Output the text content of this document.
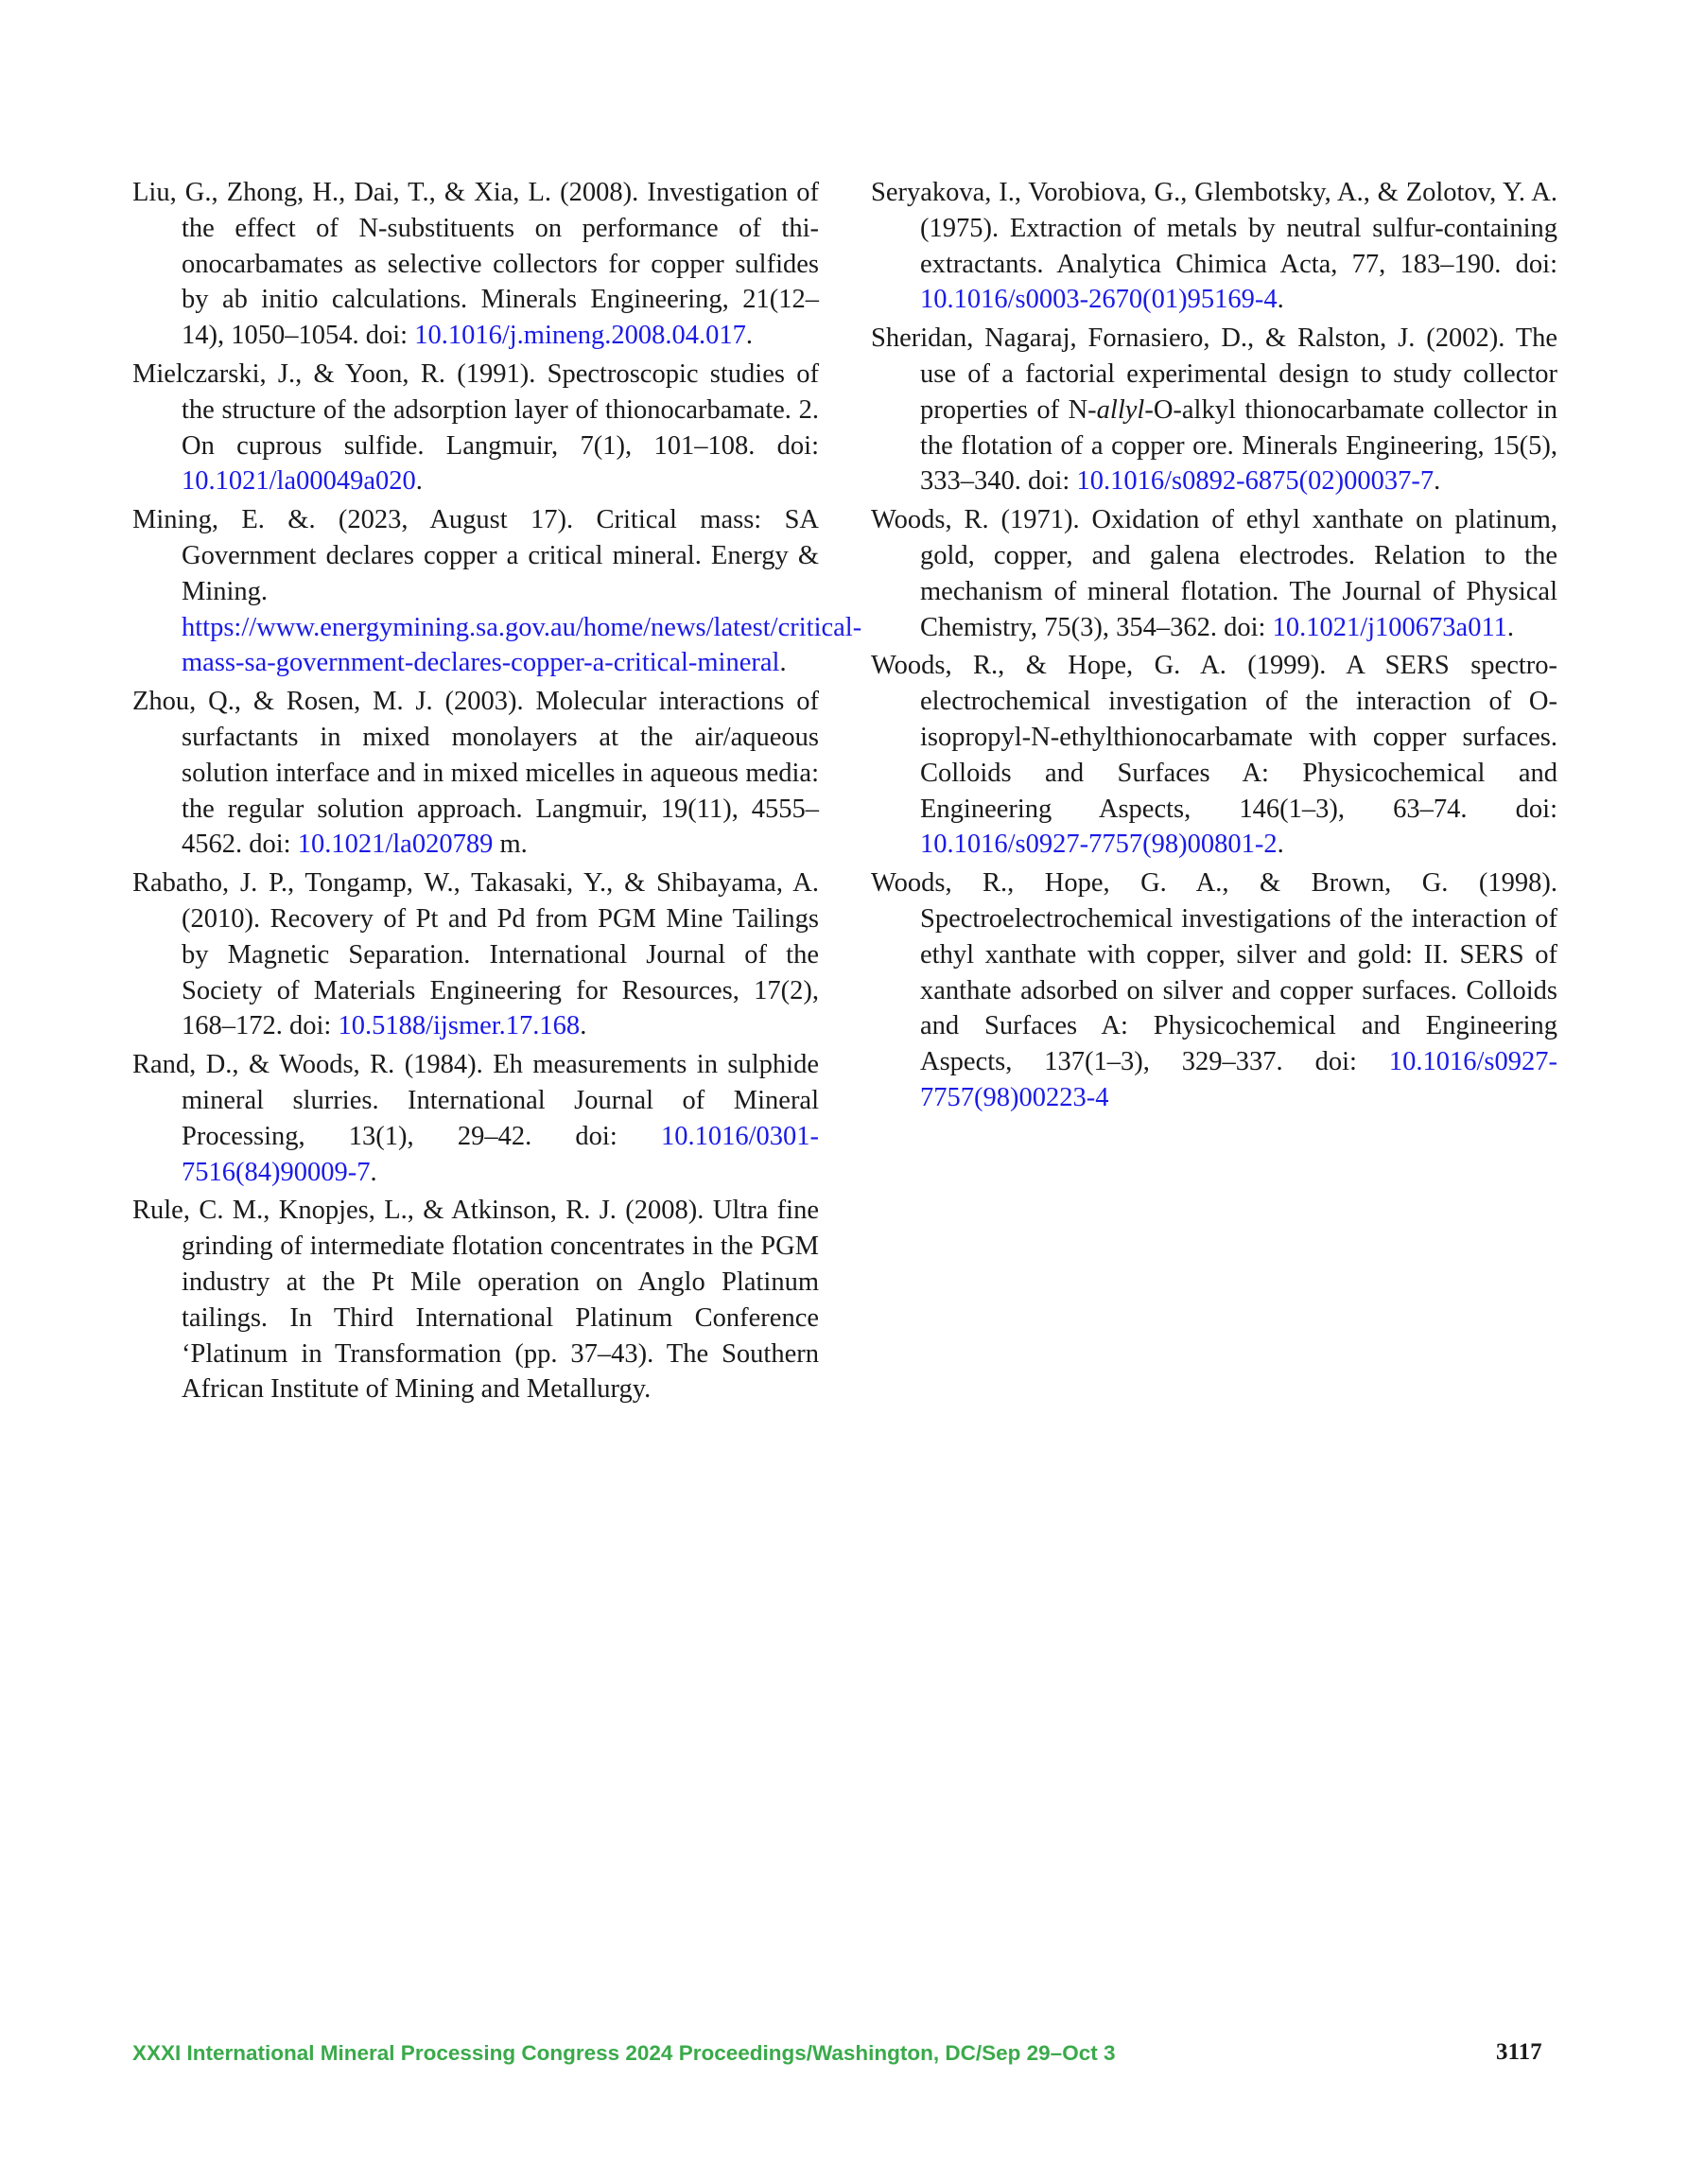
Liu, G., Zhong, H., Dai, T., & Xia, L. (2008). Investigation of the effect of N-substituents on performance of thionocarbamates as selective collectors for copper sulfides by ab initio calculations. Minerals Engineering, 21(12–14), 1050–1054. doi: 10.1016/j.mineng.2008.04.017.

Mielczarski, J., & Yoon, R. (1991). Spectroscopic studies of the structure of the adsorption layer of thionocarbamate. 2. On cuprous sulfide. Langmuir, 7(1), 101–108. doi: 10.1021/la00049a020.

Mining, E. &. (2023, August 17). Critical mass: SA Government declares copper a critical mineral. Energy & Mining. https://www.energymining.sa.gov.au/home/news/latest/critical-mass-sa-government-declares-copper-a-critical-mineral.

Zhou, Q., & Rosen, M. J. (2003). Molecular interactions of surfactants in mixed monolayers at the air/aqueous solution interface and in mixed micelles in aqueous media: the regular solution approach. Langmuir, 19(11), 4555–4562. doi: 10.1021/la020789 m.

Rabatho, J. P., Tongamp, W., Takasaki, Y., & Shibayama, A. (2010). Recovery of Pt and Pd from PGM Mine Tailings by Magnetic Separation. International Journal of the Society of Materials Engineering for Resources, 17(2), 168–172. doi: 10.5188/ijsmer.17.168.

Rand, D., & Woods, R. (1984). Eh measurements in sulphide mineral slurries. International Journal of Mineral Processing, 13(1), 29–42. doi: 10.1016/0301-7516(84)90009-7.

Rule, C. M., Knopjes, L., & Atkinson, R. J. (2008). Ultra fine grinding of intermediate flotation concentrates in the PGM industry at the Pt Mile operation on Anglo Platinum tailings. In Third International Platinum Conference ‘Platinum in Transformation (pp. 37–43). The Southern African Institute of Mining and Metallurgy.

Seryakova, I., Vorobiova, G., Glembotsky, A., & Zolotov, Y. A. (1975). Extraction of metals by neutral sulfur-containing extractants. Analytica Chimica Acta, 77, 183–190. doi: 10.1016/s0003-2670(01)95169-4.

Sheridan, Nagaraj, Fornasiero, D., & Ralston, J. (2002). The use of a factorial experimental design to study collector properties of N-allyl-O-alkyl thionocarbamate collector in the flotation of a copper ore. Minerals Engineering, 15(5), 333–340. doi: 10.1016/s0892-6875(02)00037-7.

Woods, R. (1971). Oxidation of ethyl xanthate on platinum, gold, copper, and galena electrodes. Relation to the mechanism of mineral flotation. The Journal of Physical Chemistry, 75(3), 354–362. doi: 10.1021/j100673a011.

Woods, R., & Hope, G. A. (1999). A SERS spectroelectrochemical investigation of the interaction of O-isopropyl-N-ethylthionocarbamate with copper surfaces. Colloids and Surfaces A: Physicochemical and Engineering Aspects, 146(1–3), 63–74. doi: 10.1016/s0927-7757(98)00801-2.

Woods, R., Hope, G. A., & Brown, G. (1998). Spectroelectrochemical investigations of the interaction of ethyl xanthate with copper, silver and gold: II. SERS of xanthate adsorbed on silver and copper surfaces. Colloids and Surfaces A: Physicochemical and Engineering Aspects, 137(1–3), 329–337. doi: 10.1016/s0927-7757(98)00223-4

XXXI International Mineral Processing Congress 2024 Proceedings/Washington, DC/Sep 29–Oct 3	3117
